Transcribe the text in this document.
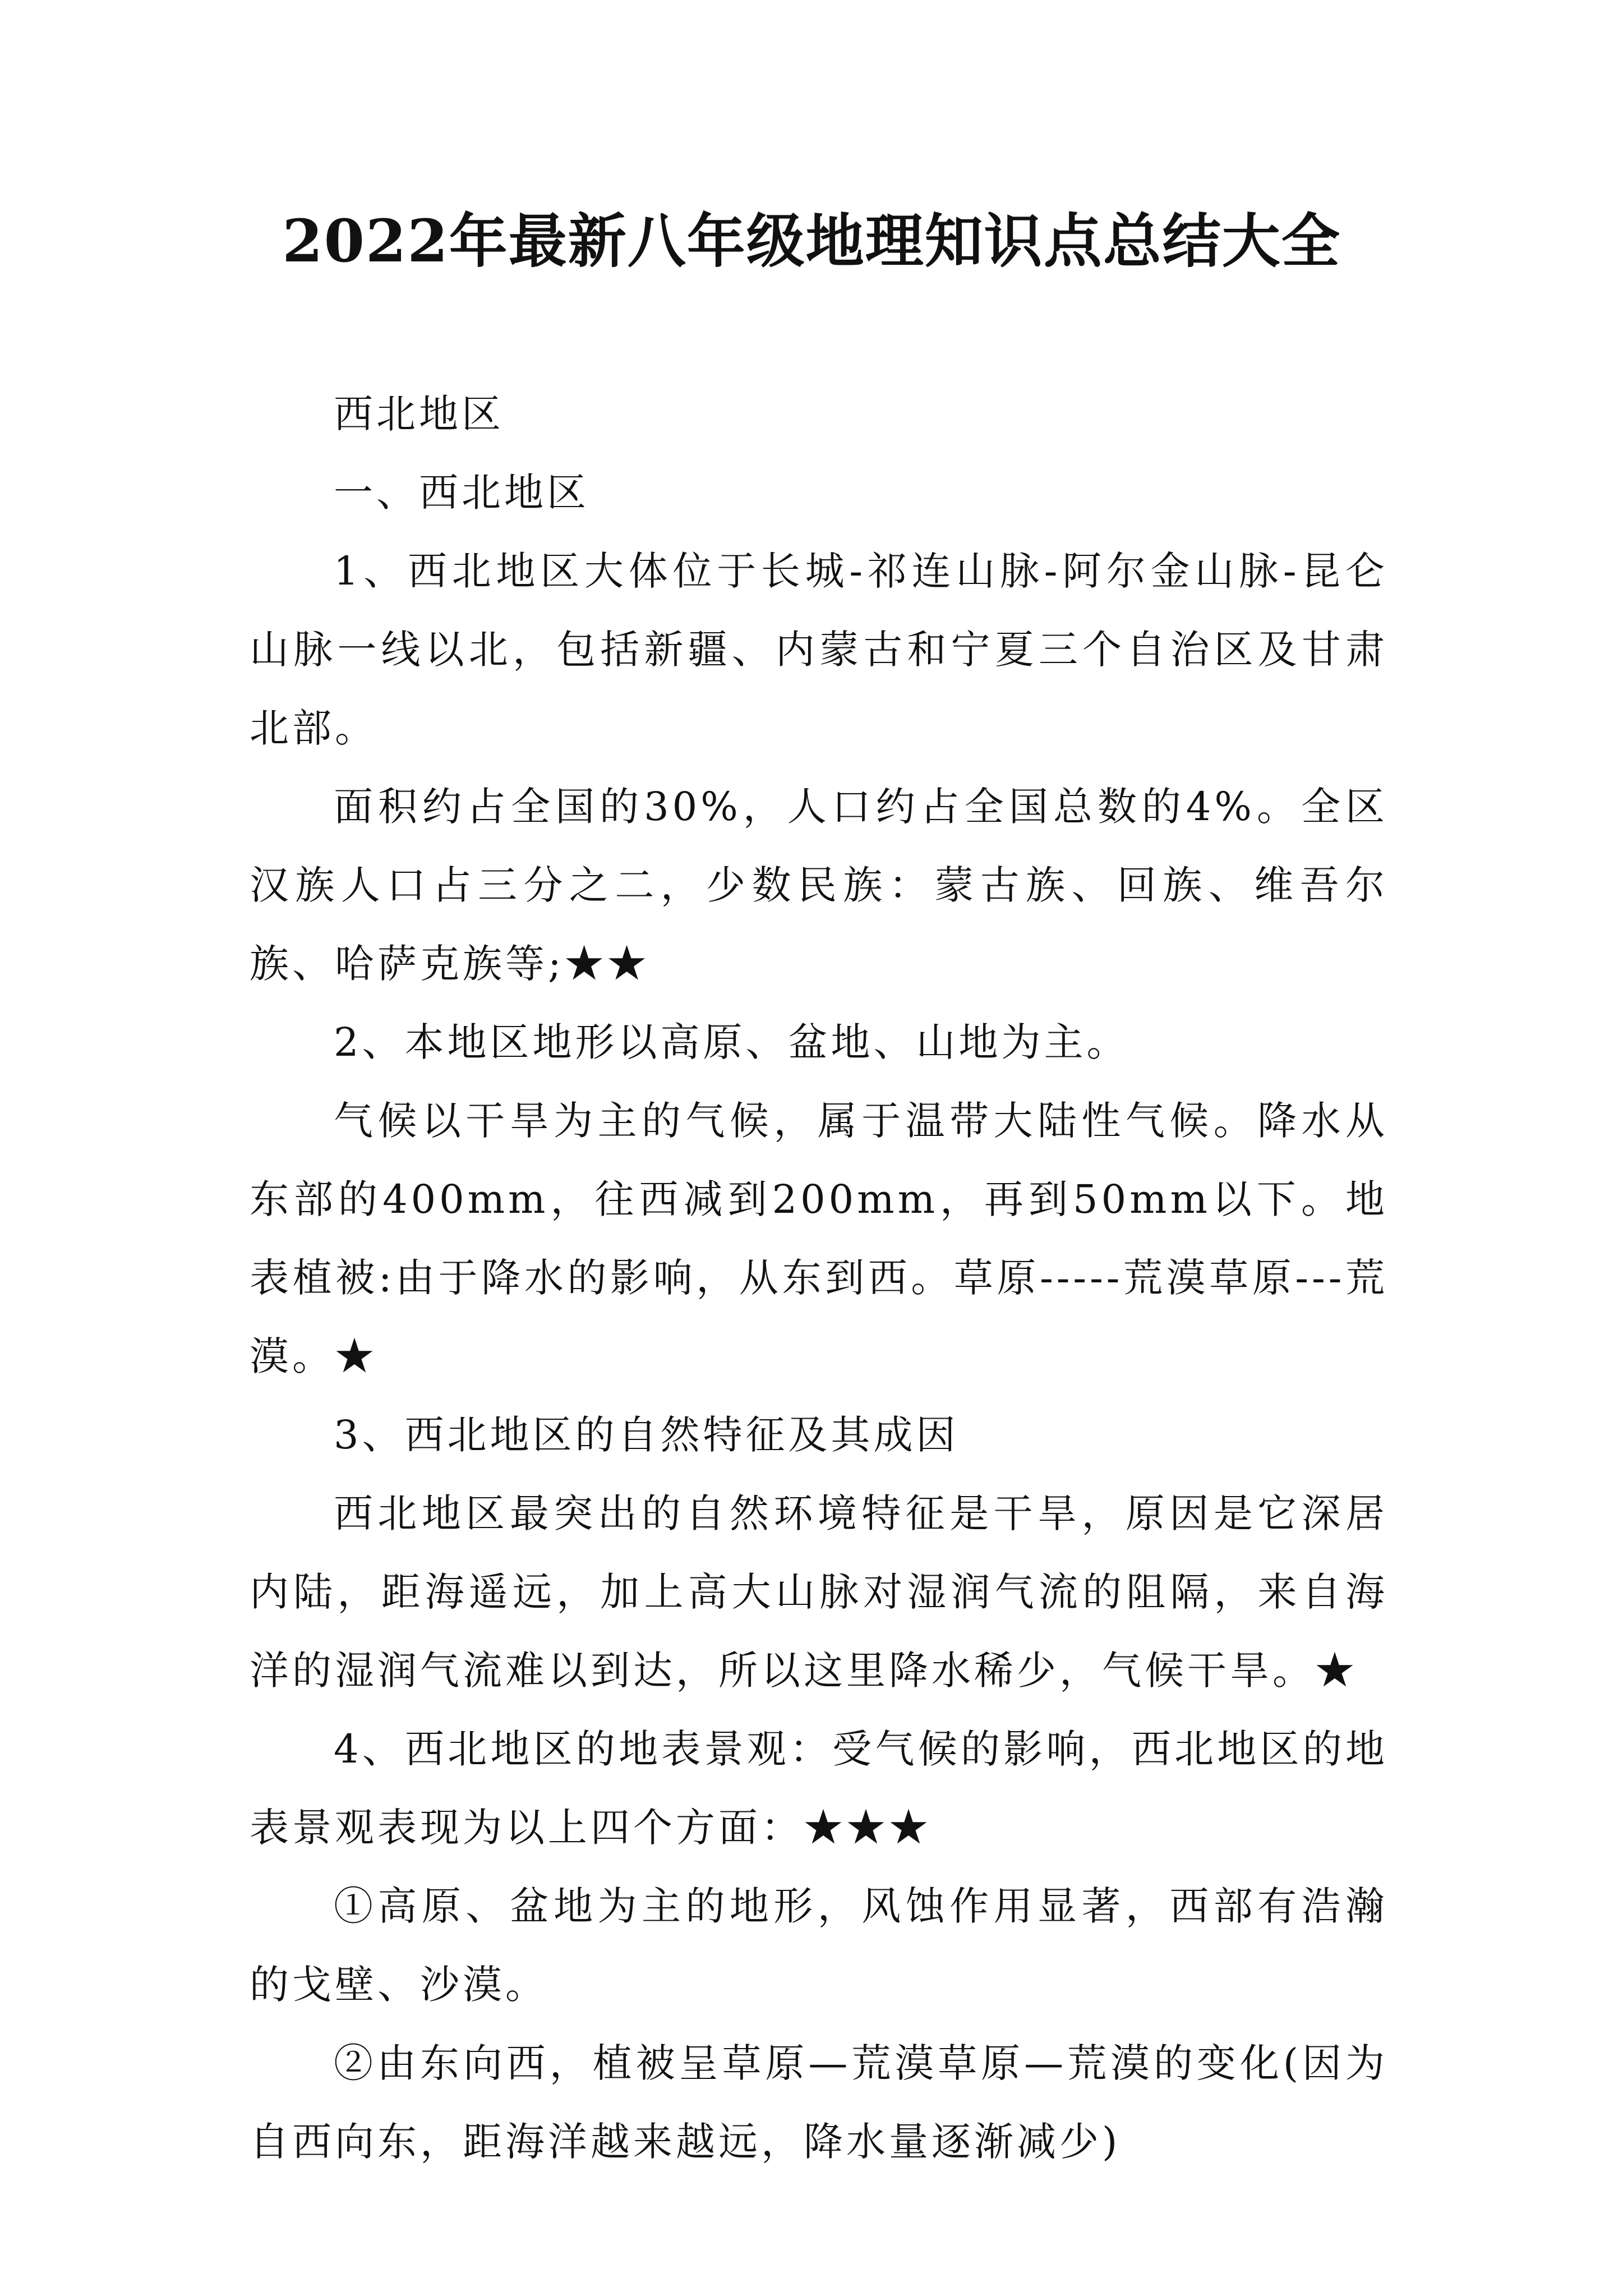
2022年最新八年级地理知识点总结大全

西北地区

一、西北地区

1、西北地区大体位于长城-祁连山脉-阿尔金山脉-昆仑山脉一线以北，包括新疆、内蒙古和宁夏三个自治区及甘肃北部。

面积约占全国的30%，人口约占全国总数的4%。全区汉族人口占三分之二，少数民族：蒙古族、回族、维吾尔族、哈萨克族等;★★

2、本地区地形以高原、盆地、山地为主。

气候以干旱为主的气候，属于温带大陆性气候。降水从东部的400mm，往西减到200mm，再到50mm以下。地表植被:由于降水的影响，从东到西。草原-----荒漠草原---荒漠。★

3、西北地区的自然特征及其成因

西北地区最突出的自然环境特征是干旱，原因是它深居内陆，距海遥远，加上高大山脉对湿润气流的阻隔，来自海洋的湿润气流难以到达，所以这里降水稀少，气候干旱。★

4、西北地区的地表景观：受气候的影响，西北地区的地表景观表现为以上四个方面：★★★

①高原、盆地为主的地形，风蚀作用显著，西部有浩瀚的戈壁、沙漠。

②由东向西，植被呈草原—荒漠草原—荒漠的变化(因为自西向东，距海洋越来越远，降水量逐渐减少)
